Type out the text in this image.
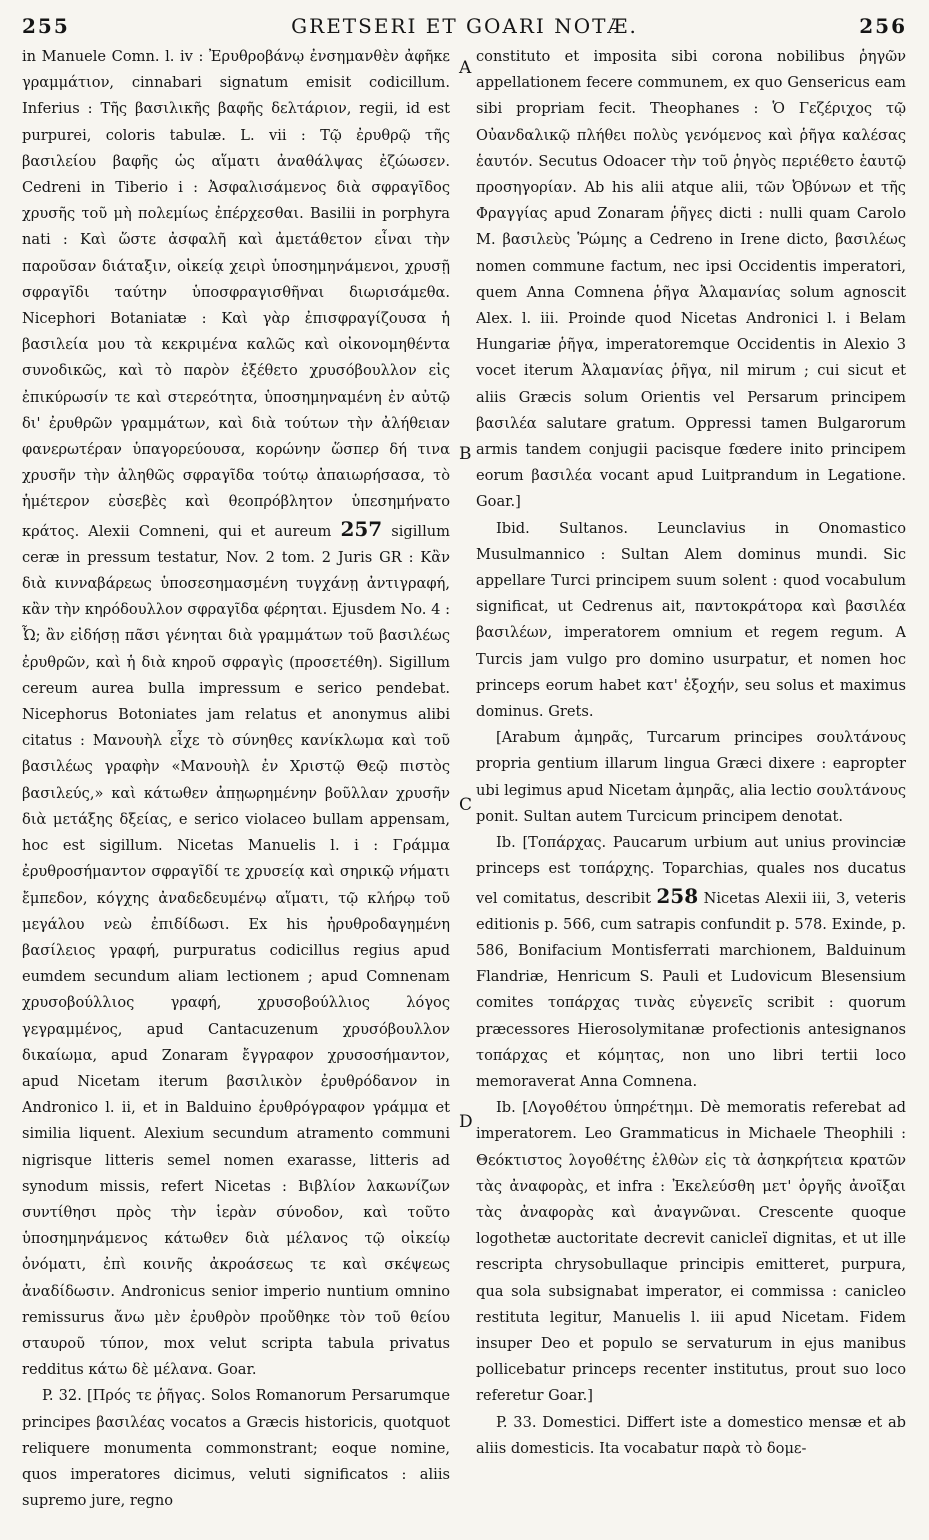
255	GRETSERI ET GOARI NOTÆ.	256

in Manuele Comn. l. iv : Ἐρυθροβάνῳ ἐνσημανθὲν ἀφῆκε γραμμάτιον, cinnabari signatum emisit codicillum. Inferius : Τῆς βασιλικῆς βαφῆς δελτάριον, regii, id est purpurei, coloris tabulæ. L. vii : Τῷ ἐρυθρῷ τῆς βασιλείου βαφῆς ὡς αἵματι ἀναθάλψας ἐζώωσεν. Cedreni in Tiberio i : Ἀσφαλισάμενος διὰ σφραγῖδος χρυσῆς τοῦ μὴ πολεμίως ἐπέρχεσθαι. Basilii in porphyra nati : Καὶ ὥστε ἀσφαλῆ καὶ ἀμετάθετον εἶναι τὴν παροῦσαν διάταξιν, οἰκείᾳ χειρὶ ὑποσημηνάμενοι, χρυσῇ σφραγῖδι ταύτην ὑποσφραγισθῆναι διωρισάμεθα. Nicephori Botaniatæ : Καὶ γὰρ ἐπισφραγίζουσα ἡ βασιλεία μου τὰ κεκριμένα καλῶς καὶ οἰκονομηθέντα συνοδικῶς, καὶ τὸ παρὸν ἐξέθετο χρυσόβουλλον εἰς ἐπικύρωσίν τε καὶ στερεότητα, ὑποσημηναμένη ἐν αὐτῷ δι' ἐρυθρῶν γραμμάτων, καὶ διὰ τούτων τὴν ἀλήθειαν φανερωτέραν ὑπαγορεύουσα, κορώνην ὥσπερ δή τινα χρυσῆν τὴν ἀληθῶς σφραγῖδα τούτῳ ἀπαιωρήσασα, τὸ ἡμέτερον εὐσεβὲς καὶ θεοπρόβλητον ὑπεσημήνατο κράτος. Alexii Comneni, qui et aureum 257 sigillum ceræ in pressum testatur, Nov. 2 tom. 2 Juris GR : Κἂν διὰ κινναβάρεως ὑποσεσημασμένη τυγχάνῃ ἀντιγραφή, κἂν τὴν κηρόδουλλον σφραγῖδα φέρηται. Ejusdem No. 4 : Ὦ; ἂν εἰδήσῃ πᾶσι γένηται διὰ γραμμάτων τοῦ βασιλέως ἐρυθρῶν, καὶ ἡ διὰ κηροῦ σφραγὶς (προσετέθη). Sigillum cereum aurea bulla impressum e serico pendebat. Nicephorus Botoniates jam relatus et anonymus alibi citatus : Μανουὴλ εἶχε τὸ σύνηθες κανίκλωμα καὶ τοῦ βασιλέως γραφὴν «Μανουὴλ ἐν Χριστῷ Θεῷ πιστὸς βασιλεύς,» καὶ κάτωθεν ἀπῃωρημένην βοῦλλαν χρυσῆν διὰ μετάξης δξείας, e serico violaceo bullam appensam, hoc est sigillum. Nicetas Manuelis l. i : Γράμμα ἐρυθροσήμαντον σφραγῖδί τε χρυσείᾳ καὶ σηρικῷ νήματι ἔμπεδον, κόγχης ἀναδεδευμένῳ αἵματι, τῷ κλήρῳ τοῦ μεγάλου νεὼ ἐπιδίδωσι. Ex his ἠρυθροδαγημένη βασίλειος γραφή, purpuratus codicillus regius apud eumdem secundum aliam lectionem ; apud Comnenam χρυσοβούλλιος γραφή, χρυσοβούλλιος λόγος γεγραμμένος, apud Cantacuzenum χρυσόβουλλον δικαίωμα, apud Zonaram ἔγγραφον χρυσοσήμαντον, apud Nicetam iterum βασιλικὸν ἐρυθρόδανον in Andronico l. ii, et in Balduino ἐρυθρόγραφον γράμμα et similia liquent. Alexium secundum atramento communi nigrisque litteris semel nomen exarasse, litteris ad synodum missis, refert Nicetas : Βιβλίον λακωνίζων συντίθησι πρὸς τὴν ἱερὰν σύνοδον, καὶ τοῦτο ὑποσημηνάμενος κάτωθεν διὰ μέλανος τῷ οἰκείῳ ὀνόματι, ἐπὶ κοινῆς ἀκροάσεως τε καὶ σκέψεως ἀναδίδωσιν. Andronicus senior imperio nuntium omnino remissurus ἄνω μὲν ἐρυθρὸν προὔθηκε τὸν τοῦ θείου σταυροῦ τύπον, mox velut scripta tabula privatus redditus κάτω δὲ μέλανα. Goar.

P. 32. [Πρός τε ῥῆγας. Solos Romanorum Persarumque principes βασιλέας vocatos a Græcis historicis, quotquot reliquere monumenta commonstrant; eoque nomine, quos imperatores dicimus, veluti significatos : aliis supremo jure, regno

A
B
C
D

constituto et imposita sibi corona nobilibus ῥηγῶν appellationem fecere communem, ex quo Gensericus eam sibi propriam fecit. Theophanes : Ὁ Γεζέριχος τῷ Οὐανδαλικῷ πλήθει πολὺς γενόμενος καὶ ῥῆγα καλέσας ἑαυτόν. Secutus Odoacer τὴν τοῦ ῥηγὸς περιέθετο ἑαυτῷ προσηγορίαν. Ab his alii atque alii, τῶν Ὀβύνων et τῆς Φραγγίας apud Zonaram ῥῆγες dicti : nulli quam Carolo M. βασιλεὺς Ῥώμης a Cedreno in Irene dicto, βασιλέως nomen commune factum, nec ipsi Occidentis imperatori, quem Anna Comnena ῥῆγα Ἀλαμανίας solum agnoscit Alex. l. iii. Proinde quod Nicetas Andronici l. i Belam Hungariæ ῥῆγα, imperatoremque Occidentis in Alexio 3 vocet iterum Ἀλαμανίας ῥῆγα, nil mirum ; cui sicut et aliis Græcis solum Orientis vel Persarum principem βασιλέα salutare gratum. Oppressi tamen Bulgarorum armis tandem conjugii pacisque fœdere inito principem eorum βασιλέα vocant apud Luitprandum in Legatione. Goar.]

Ibid. Sultanos. Leunclavius in Onomastico Musulmannico : Sultan Alem dominus mundi. Sic appellare Turci principem suum solent : quod vocabulum significat, ut Cedrenus ait, παντοκράτορα καὶ βασιλέα βασιλέων, imperatorem omnium et regem regum. A Turcis jam vulgo pro domino usurpatur, et nomen hoc princeps eorum habet κατ' ἐξοχήν, seu solus et maximus dominus. Grets.

[Arabum ἀμηρᾶς, Turcarum principes σουλτάνους propria gentium illarum lingua Græci dixere : eapropter ubi legimus apud Nicetam ἀμηρᾶς, alia lectio σουλτάνους ponit. Sultan autem Turcicum principem denotat.

Ib. [Τοπάρχας. Paucarum urbium aut unius provinciæ princeps est τοπάρχης. Toparchias, quales nos ducatus vel comitatus, describit 258 Nicetas Alexii iii, 3, veteris editionis p. 566, cum satrapis confundit p. 578. Exinde, p. 586, Bonifacium Montisferrati marchionem, Balduinum Flandriæ, Henricum S. Pauli et Ludovicum Blesensium comites τοπάρχας τινὰς εὐγενεῖς scribit : quorum præcessores Hierosolymitanæ profectionis antesignanos τοπάρχας et κόμητας, non uno libri tertii loco memoraverat Anna Comnena.

Ib. [Λογοθέτου ὑπηρέτημι. Dè memoratis referebat ad imperatorem. Leo Grammaticus in Michaele Theophili : Θεόκτιστος λογοθέτης ἐλθὼν εἰς τὰ ἀσηκρήτεια κρατῶν τὰς ἀναφορὰς, et infra : Ἐκελεύσθη μετ' ὀργῆς ἀνοῖξαι τὰς ἀναφορὰς καὶ ἀναγνῶναι. Crescente quoque logothetæ auctoritate decrevit canicleï dignitas, et ut ille rescripta chrysobullaque principis emitteret, purpura, qua sola subsignabat imperator, ei commissa : canicleo restituta legitur, Manuelis l. iii apud Nicetam. Fidem insuper Deo et populo se servaturum in ejus manibus pollicebatur princeps recenter institutus, prout suo loco referetur Goar.]

P. 33. Domestici. Differt iste a domestico mensæ et ab aliis domesticis. Ita vocabatur παρὰ τὸ δομε-
